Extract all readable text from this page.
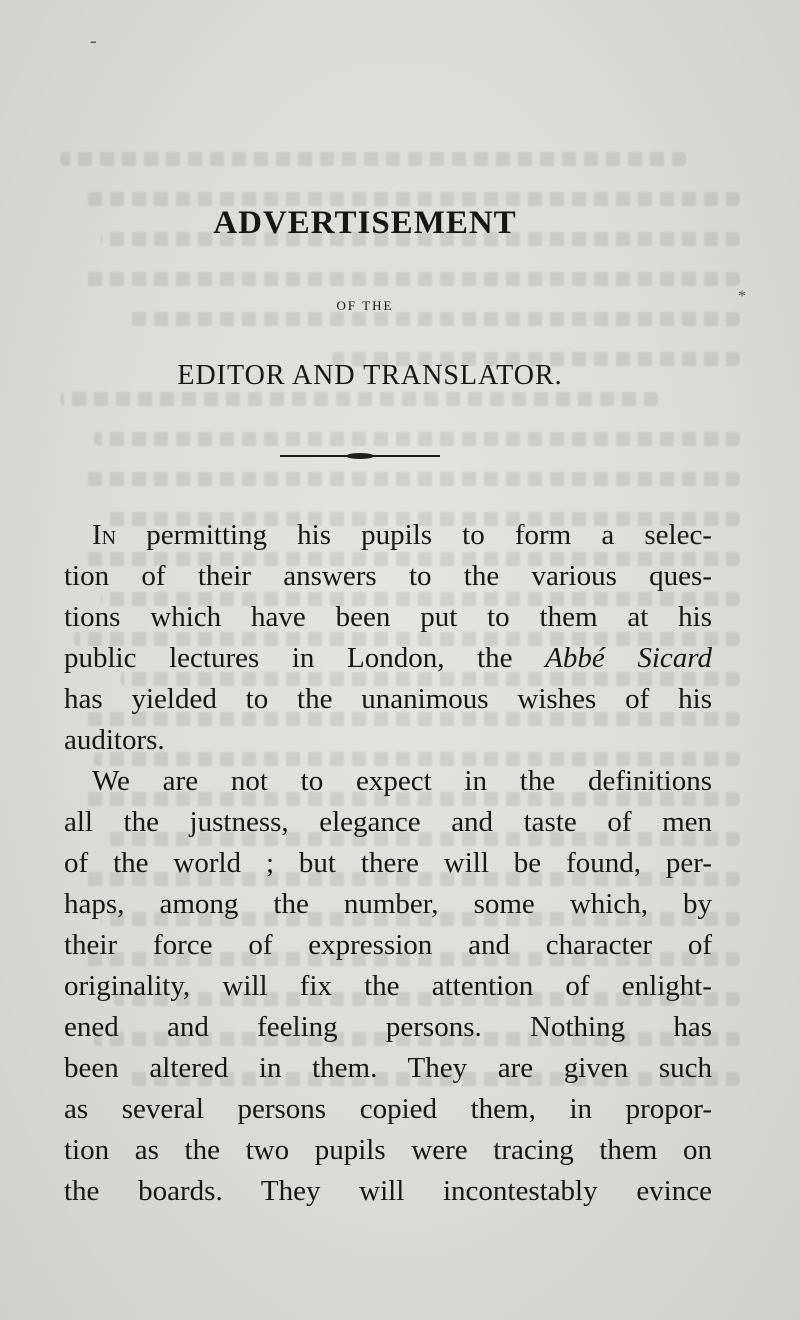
-
*
ADVERTISEMENT
OF THE
EDITOR AND TRANSLATOR.
In permitting his pupils to form a selec-
tion of their answers to the various ques-
tions which have been put to them at his
public lectures in London, the Abbé Sicard
has yielded to the unanimous wishes of his
auditors.
We are not to expect in the definitions
all the justness, elegance and taste of men
of the world ; but there will be found, per-
haps, among the number, some which, by
their force of expression and character of
originality, will fix the attention of enlight-
ened and feeling persons. Nothing has
been altered in them. They are given such
as several persons copied them, in propor-
tion as the two pupils were tracing them on
the boards. They will incontestably evince
